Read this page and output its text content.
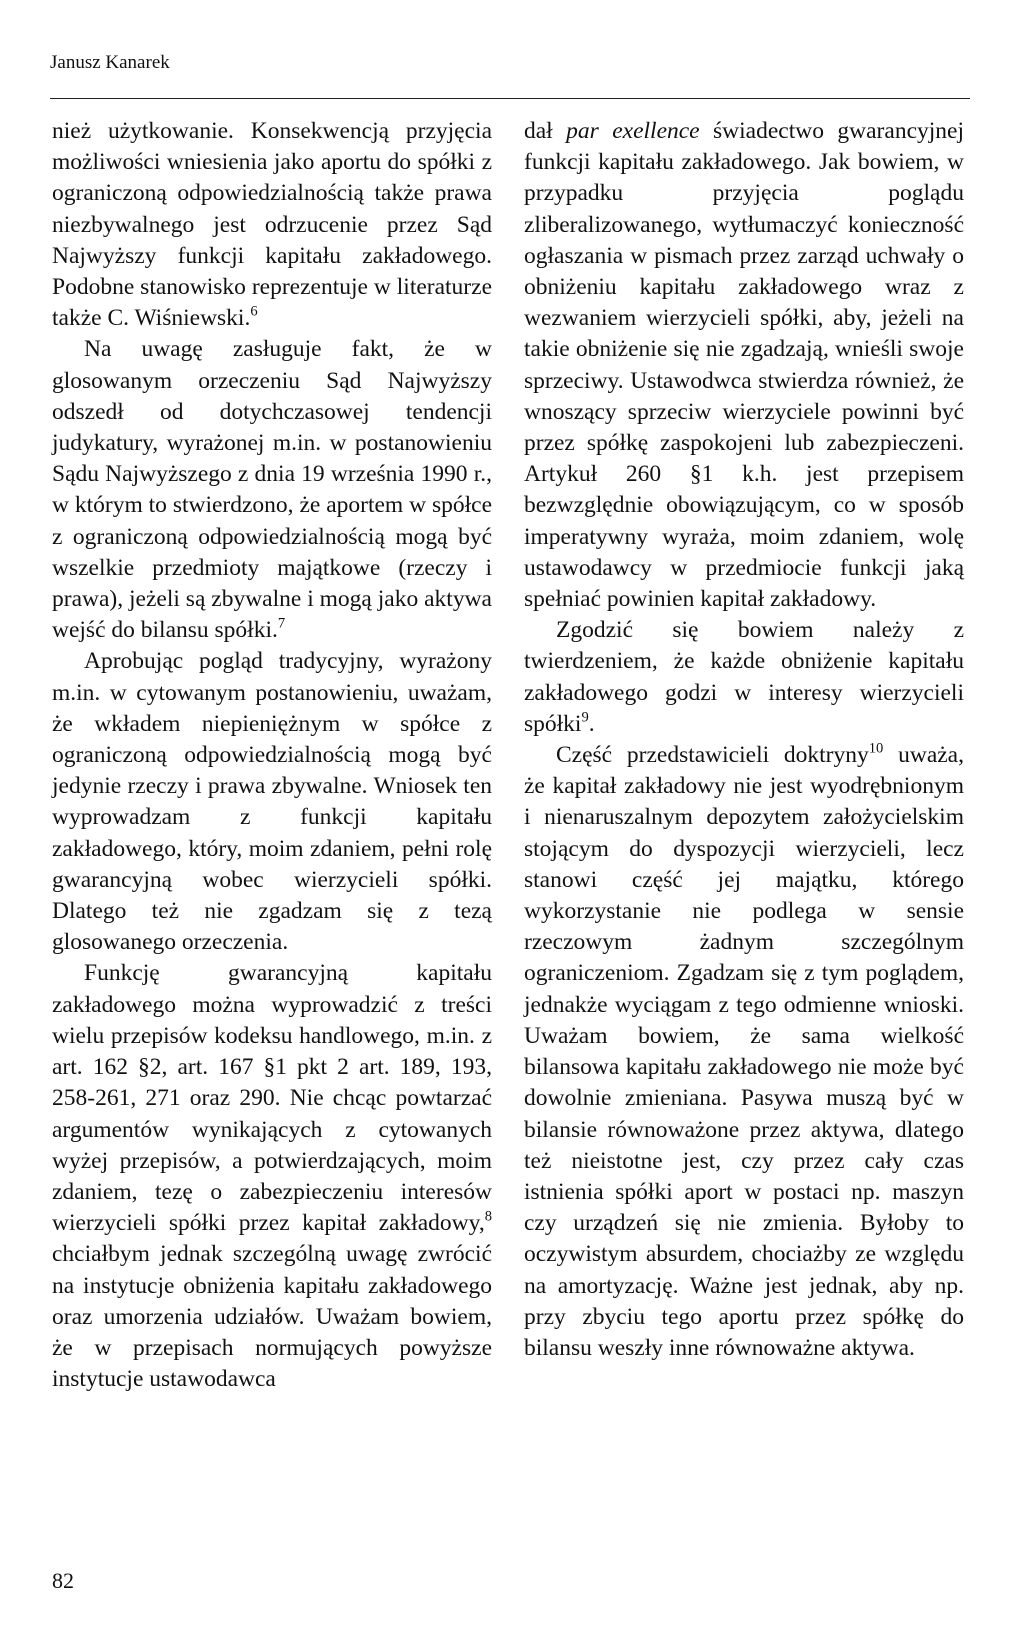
Janusz Kanarek

nież użytkowanie. Konsekwencją przyjęcia możliwości wniesienia jako aportu do spółki z ograniczoną odpowiedzialnością także prawa niezbywalnego jest odrzucenie przez Sąd Najwyższy funkcji kapitału zakładowego. Podobne stanowisko reprezentuje w literaturze także C. Wiśniewski.$^6$

Na uwagę zasługuje fakt, że w glosowanym orzeczeniu Sąd Najwyższy odszedł od dotychczasowej tendencji judykatury, wyrażonej m.in. w postanowieniu Sądu Najwyższego z dnia 19 września 1990 r., w którym to stwierdzono, że aportem w spółce z ograniczoną odpowiedzialnością mogą być wszelkie przedmioty majątkowe (rzeczy i prawa), jeżeli są zbywalne i mogą jako aktywa wejść do bilansu spółki.$^7$

Aprobując pogląd tradycyjny, wyrażony m.in. w cytowanym postanowieniu, uważam, że wkładem niepieniężnym w spółce z ograniczoną odpowiedzialnością mogą być jedynie rzeczy i prawa zbywalne. Wniosek ten wyprowadzam z funkcji kapitału zakładowego, który, moim zdaniem, pełni rolę gwarancyjną wobec wierzycieli spółki. Dlatego też nie zgadzam się z tezą glosowanego orzeczenia.

Funkcję gwarancyjną kapitału zakładowego można wyprowadzić z treści wielu przepisów kodeksu handlowego, m.in. z art. 162 §2, art. 167 §1 pkt 2 art. 189, 193, 258-261, 271 oraz 290. Nie chcąc powtarzać argumentów wynikających z cytowanych wyżej przepisów, a potwierdzających, moim zdaniem, tezę o zabezpieczeniu interesów wierzycieli spółki przez kapitał zakładowy,$^8$ chciałbym jednak szczególną uwagę zwrócić na instytucje obniżenia kapitału zakładowego oraz umorzenia udziałów. Uważam bowiem, że w przepisach normujących powyższe instytucje ustawodawca

dał par exellence świadectwo gwarancyjnej funkcji kapitału zakładowego. Jak bowiem, w przypadku przyjęcia poglądu zliberalizowanego, wytłumaczyć konieczność ogłaszania w pismach przez zarząd uchwały o obniżeniu kapitału zakładowego wraz z wezwaniem wierzycieli spółki, aby, jeżeli na takie obniżenie się nie zgadzają, wnieśli swoje sprzeciwy. Ustawodwca stwierdza również, że wnoszący sprzeciw wierzyciele powinni być przez spółkę zaspokojeni lub zabezpieczeni. Artykuł 260 §1 k.h. jest przepisem bezwzględnie obowiązującym, co w sposób imperatywny wyraża, moim zdaniem, wolę ustawodawcy w przedmiocie funkcji jaką spełniać powinien kapitał zakładowy.

Zgodzić się bowiem należy z twierdzeniem, że każde obniżenie kapitału zakładowego godzi w interesy wierzycieli spółki$^9$.

Część przedstawicieli doktryny$^{10}$ uważa, że kapitał zakładowy nie jest wyodrębnionym i nienaruszalnym depozytem założycielskim stojącym do dyspozycji wierzycieli, lecz stanowi część jej majątku, którego wykorzystanie nie podlega w sensie rzeczowym żadnym szczególnym ograniczeniom. Zgadzam się z tym poglądem, jednakże wyciągam z tego odmienne wnioski. Uważam bowiem, że sama wielkość bilansowa kapitału zakładowego nie może być dowolnie zmieniana. Pasywa muszą być w bilansie równoważone przez aktywa, dlatego też nieistotne jest, czy przez cały czas istnienia spółki aport w postaci np. maszyn czy urządzeń się nie zmienia. Byłoby to oczywistym absurdem, chociażby ze względu na amortyzację. Ważne jest jednak, aby np. przy zbyciu tego aportu przez spółkę do bilansu weszły inne równoważne aktywa.

82
